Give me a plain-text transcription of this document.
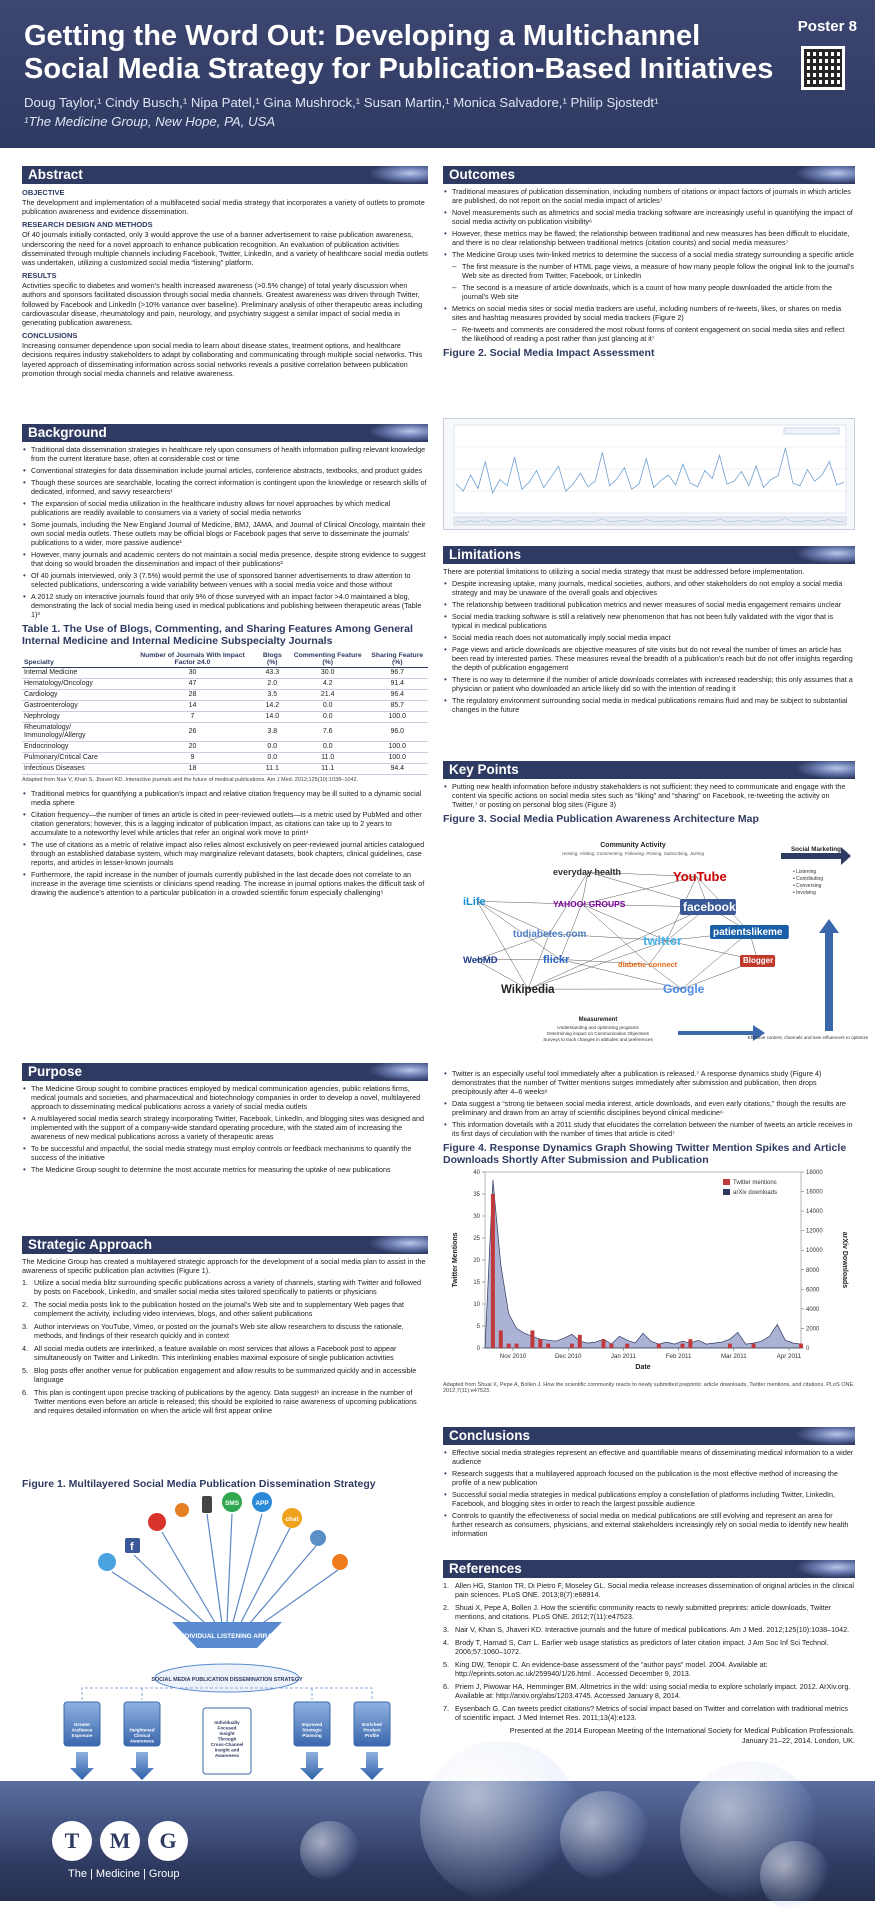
Getting the Word Out: Developing a Multichannel
Social Media Strategy for Publication-Based Initiatives
Doug Taylor,¹ Cindy Busch,¹ Nipa Patel,¹ Gina Mushrock,¹ Susan Martin,¹ Monica Salvadore,¹ Philip Sjostedt¹
¹The Medicine Group, New Hope, PA, USA
Poster 8
Abstract
OBJECTIVE
The development and implementation of a multifaceted social media strategy that incorporates a variety of outlets to promote publication awareness and evidence dissemination.
RESEARCH DESIGN AND METHODS
Of 40 journals initially contacted, only 3 would approve the use of a banner advertisement to raise publication awareness, underscoring the need for a novel approach to enhance publication recognition. An evaluation of publication activities disseminated through multiple channels including Facebook, Twitter, LinkedIn, and a variety of healthcare social media outlets was undertaken, utilizing a customized social media “listening” platform.
RESULTS
Activities specific to diabetes and women’s health increased awareness (>0.5% change) of total yearly discussion when authors and sponsors facilitated discussion through social media channels. Greatest awareness was driven through Twitter, followed by Facebook and LinkedIn (>10% variance over baseline). Preliminary analysis of other therapeutic areas including cardiovascular disease, rheumatology and pain, neurology, and psychiatry suggest a similar impact of social media in generating publication awareness.
CONCLUSIONS
Increasing consumer dependence upon social media to learn about disease states, treatment options, and healthcare decisions requires industry stakeholders to adapt by collaborating and communicating through multiple social networks. This layered approach of disseminating information across social networks reveals a positive correlation between publication promotion through social media channels and relative awareness.
Background
• Traditional data dissemination strategies in healthcare rely upon consumers of health information pulling relevant knowledge from the current literature base, often at considerable cost or time
• Conventional strategies for data dissemination include journal articles, conference abstracts, textbooks, and product guides
• Though these sources are searchable, locating the correct information is contingent upon the knowledge or research skills of dedicated, informed, and savvy researchers¹
• The expansion of social media utilization in the healthcare industry allows for novel approaches by which medical publications are readily available to consumers via a variety of social media networks
• Some journals, including the New England Journal of Medicine, BMJ, JAMA, and Journal of Clinical Oncology, maintain their own social media outlets. These outlets may be official blogs or Facebook pages that serve to disseminate the journals’ publications to a wider, more passive audience¹
• However, many journals and academic centers do not maintain a social media presence, despite strong evidence to suggest that doing so would broaden the dissemination and impact of their publications²
• Of 40 journals interviewed, only 3 (7.5%) would permit the use of sponsored banner advertisements to draw attention to selected publications, underscoring a wide variability between venues with a social media voice and those without
• A 2012 study on interactive journals found that only 9% of those surveyed with an impact factor >4.0 maintained a blog, demonstrating the lack of social media being used in medical publications and publishing between therapeutic areas (Table 1)³
Table 1. The Use of Blogs, Commenting, and Sharing Features Among General Internal Medicine and Internal Medicine Subspecialty Journals
Specialty	Number of Journals With Impact Factor ≥4.0	Blogs (%)	Commenting Feature (%)	Sharing Feature (%)
Internal Medicine	30	43.3	30.0	96.7
Hematology/Oncology	47	2.0	4.2	91.4
Cardiology	28	3.5	21.4	96.4
Gastroenterology	14	14.2	0.0	85.7
Nephrology	7	14.0	0.0	100.0
Rheumatology/ Immunology/Allergy	26	3.8	7.6	96.0
Endocrinology	20	0.0	0.0	100.0
Pulmonary/Critical Care	9	0.0	11.0	100.0
Infectious Diseases	18	11.1	11.1	94.4
Adapted from Nair V, Khan S, Jhaveri KD. Interactive journals and the future of medical publications. Am J Med. 2012;125(10):1038–1042.
• Traditional metrics for quantifying a publication’s impact and relative citation frequency may be ill suited to a dynamic social media sphere
• Citation frequency—the number of times an article is cited in peer-reviewed outlets—is a metric used by PubMed and other citation generators; however, this is a lagging indicator of publication impact, as citations can take up to 2 years to accumulate to a noteworthy level while articles that refer an original work move to print⁴
• The use of citations as a metric of relative impact also relies almost exclusively on peer-reviewed journal articles catalogued through an established database system, which may marginalize relevant datasets, book chapters, clinical guidelines, case reports, and articles in lesser-known journals
• Furthermore, the rapid increase in the number of journals currently published in the last decade does not correlate to an increase in the average time scientists or clinicians spend reading. The increase in journal options makes the difficult task of drawing the audience’s attention to a particular publication in a crowded scientific forum especially challenging⁵
Purpose
• The Medicine Group sought to combine practices employed by medical communication agencies, public relations firms, medical journals and societies, and pharmaceutical and biotechnology companies in order to develop a novel, multilayered approach to disseminating medical publications across a variety of social media outlets
• A multilayered social media search strategy incorporating Twitter, Facebook, LinkedIn, and blogging sites was designed and implemented with the support of a company-wide standard operating procedure, with the stated aim of increasing the awareness of new medical publications across a variety of therapeutic areas
• To be successful and impactful, the social media strategy must employ controls or feedback mechanisms to quantify the success of the initiative
• The Medicine Group sought to determine the most accurate metrics for measuring the uptake of new publications
Strategic Approach
The Medicine Group has created a multilayered strategic approach for the development of a social media plan to assist in the awareness of specific publication plan activities (Figure 1).
1. Utilize a social media blitz surrounding specific publications across a variety of channels, starting with Twitter and followed by posts on Facebook, LinkedIn, and smaller social media sites tailored specifically to patients or physicians
2. The social media posts link to the publication hosted on the journal’s Web site and to supplementary Web pages that complement the activity, including video interviews, blogs, and other salient publications
3. Author interviews on YouTube, Vimeo, or posted on the journal’s Web site allow researchers to discuss the rationale, methods, and findings of their research quickly and in context
4. All social media outlets are interlinked, a feature available on most services that allows a Facebook post to appear simultaneously on Twitter and LinkedIn. This interlinking enables maximal exposure of single publication activities
5. Blog posts offer another venue for publication engagement and allow results to be summarized quickly and in accessible language
6. This plan is contingent upon precise tracking of publications by the agency. Data suggest⁶ an increase in the number of Twitter mentions even before an article is released; this should be exploited to raise awareness of upcoming publications and requires detailed information on when the article will first appear online
Figure 1. Multilayered Social Media Publication Dissemination Strategy
f
SMS	APP
chat
INDIVIDUAL LISTENING ARRAY
SOCIAL MEDIA PUBLICATION DISSEMINATION STRATEGY
Greater
Audience
Exposure
Heightened
Clinical
Awareness
Individually
Focused
Insight
Through
Cross-Channel
Insight and
Awareness
Improved
Strategic
Planning
Enriched
Product
Profile
Outcomes
• Traditional measures of publication dissemination, including numbers of citations or impact factors of journals in which articles are published, do not report on the social media impact of articles⁷
• Novel measurements such as altmetrics and social media tracking software are increasingly useful in quantifying the impact of social media activity on publication visibility⁶
• However, these metrics may be flawed; the relationship between traditional and new measures has been difficult to elucidate, and there is no clear relationship between traditional metrics (citation counts) and social media measures⁷
• The Medicine Group uses twin-linked metrics to determine the success of a social media strategy surrounding a specific article
– The first measure is the number of HTML page views, a measure of how many people follow the original link to the journal’s Web site as directed from Twitter, Facebook, or LinkedIn
– The second is a measure of article downloads, which is a count of how many people downloaded the article from the journal’s Web site
• Metrics on social media sites or social media trackers are useful, including numbers of re-tweets, likes, or shares on media sites and hashtag measures provided by social media trackers (Figure 2)
– Re-tweets and comments are considered the most robust forms of content engagement on social media sites and reflect the likelihood of reading a post rather than just glancing at it⁷
Figure 2. Social Media Impact Assessment
Limitations
There are potential limitations to utilizing a social media strategy that must be addressed before implementation.
• Despite increasing uptake, many journals, medical societies, authors, and other stakeholders do not employ a social media strategy and may be unaware of the overall goals and objectives
• The relationship between traditional publication metrics and newer measures of social media engagement remains unclear
• Social media tracking software is still a relatively new phenomenon that has not been fully validated with the vigor that is typical in medical publications
• Social media reach does not automatically imply social media impact
• Page views and article downloads are objective measures of site visits but do not reveal the number of times an article has been read by interested parties. These measures reveal the breadth of a publication’s reach but do not offer insights regarding the depth of publication engagement
• There is no way to determine if the number of article downloads correlates with increased readership; this only assumes that a physician or patient who downloaded an article likely did so with the intention of reading it
• The regulatory environment surrounding social media in medical publications remains fluid and may be subject to substantial changes in the future
Key Points
• Putting new health information before industry stakeholders is not sufficient; they need to communicate and engage with the content via specific actions on social media sites such as “liking” and “sharing” on Facebook, re-tweeting the activity on Twitter,⁷ or posting on personal blog sites (Figure 3)
Figure 3. Social Media Publication Awareness Architecture Map
Community Activity
Hosting, Visiting, Commenting, Following, Posting, Subscribing, Joining
everyday health	YouTube
iLife	YAHOO! GROUPS	facebook
patientslikeme
tudiabetes.com	twitter
Blogger
WebMD	flickr	diabetic connect
Wikipedia	Google
Social Marketing
• Listening
• Contributing
• Conversing
• Involving
Measurement
Understanding and optimizing programs
Determining impact on Communication Objectives
Surveys to track changes in attitudes and preferences	Effective content, channels and new influencers to optimize
• Twitter is an especially useful tool immediately after a publication is released.⁷ A response dynamics study (Figure 4) demonstrates that the number of Twitter mentions surges immediately after submission and publication, then drops precipitously after 4–6 weeks⁶
• Data suggest a “strong tie between social media interest, article downloads, and even early citations,” though the results are preliminary and drawn from an array of scientific disciplines beyond clinical medicine⁶
• This information dovetails with a 2011 study that elucidates the correlation between the number of tweets an article receives in its first days of circulation with the number of times that article is cited⁷
Figure 4. Response Dynamics Graph Showing Twitter Mention Spikes and Article Downloads Shortly After Submission and Publication
0
5
10
15
20
25
30
35
40
0
2000
4000
6000
8000
10000
12000
14000
16000
18000
Nov 2010	Dec 2010	Jan 2011	Feb 2011	Mar 2011	Apr 2011
Date
Twitter Mentions	arXiv Downloads
Twitter mentions
arXiv downloads
Adapted from Shuai X, Pepe A, Bollen J. How the scientific community reacts to newly submitted preprints: article downloads, Twitter mentions, and citations. PLoS ONE. 2012;7(11):e47523.
Conclusions
• Effective social media strategies represent an effective and quantifiable means of disseminating medical information to a wider audience
• Research suggests that a multilayered approach focused on the publication is the most effective method of increasing the profile of a new publication
• Successful social media strategies in medical publications employ a constellation of platforms including Twitter, LinkedIn, Facebook, and blogging sites in order to reach the largest possible audience
• Controls to quantify the effectiveness of social media on medical publications are still evolving and represent an area for further research as consumers, physicians, and external stakeholders increasingly rely on social media to identify new health information
References
1. Allen HG, Stanton TR, Di Pietro F, Moseley GL. Social media release increases dissemination of original articles in the clinical pain sciences. PLoS ONE. 2013;8(7):e68914.
2. Shuai X, Pepe A, Bollen J. How the scientific community reacts to newly submitted preprints: article downloads, Twitter mentions, and citations. PLoS ONE. 2012;7(11):e47523.
3. Nair V, Khan S, Jhaveri KD. Interactive journals and the future of medical publications. Am J Med. 2012;125(10):1038–1042.
4. Brody T, Harnad S, Carr L. Earlier web usage statistics as predictors of later citation impact. J Am Soc Inf Sci Technol. 2006;57:1060–1072.
5. King DW, Tenopir C. An evidence-base assessment of the “author pays” model. 2004. Available at: http://eprints.soton.ac.uk/259940/1/26.html . Accessed December 9, 2013.
6. Priem J, Piwowar HA, Hemminger BM. Altmetrics in the wild: using social media to explore scholarly impact. 2012. ArXiv.org. Available at: http://arxiv.org/abs/1203.4745. Accessed January 8, 2014.
7. Eysenbach G. Can tweets predict citations? Metrics of social impact based on Twitter and correlation with traditional metrics of scientific impact. J Med Internet Res. 2011;13(4):e123.
Presented at the 2014 European Meeting of the International Society for Medical Publication Professionals.
January 21–22, 2014. London, UK.
T	M	G
The | Medicine | Group
